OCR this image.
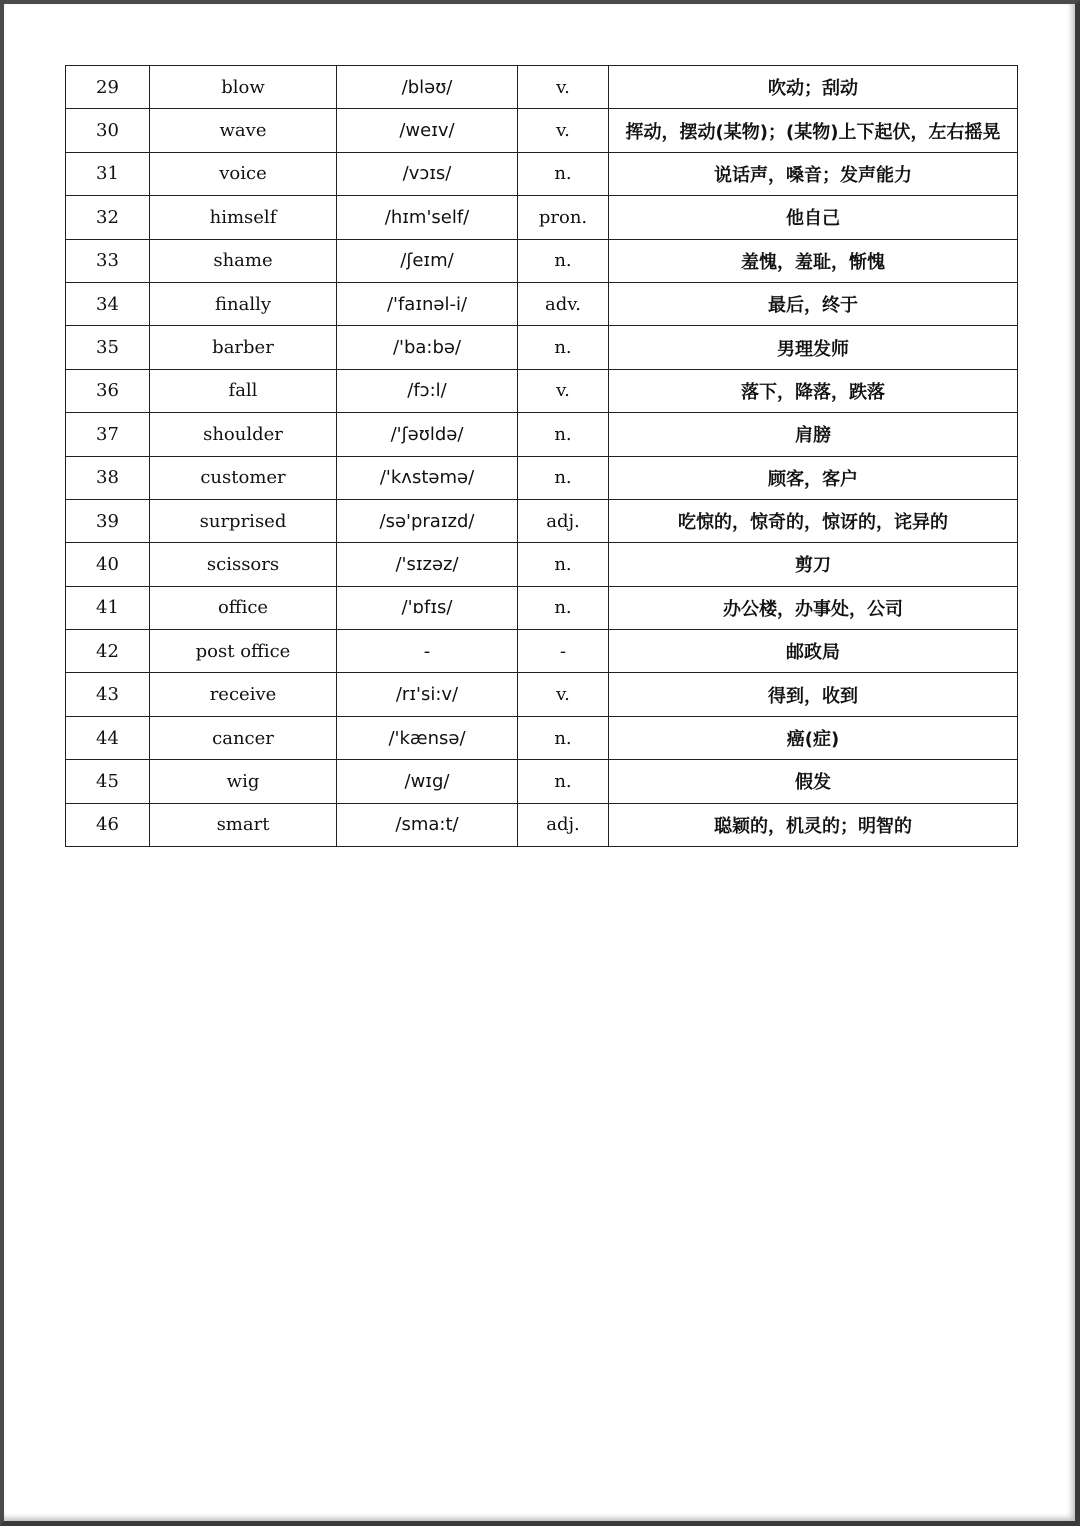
29	blow	/bləʊ/	v.	吹动；刮动
30	wave	/weɪv/	v.	挥动，摆动(某物)；(某物)上下起伏，左右摇晃
31	voice	/vɔɪs/	n.	说话声，嗓音；发声能力
32	himself	/hɪm'self/	pron.	他自己
33	shame	/ʃeɪm/	n.	羞愧，羞耻，惭愧
34	finally	/'faɪnəl-i/	adv.	最后，终于
35	barber	/'ba:bə/	n.	男理发师
36	fall	/fɔ:l/	v.	落下，降落，跌落
37	shoulder	/'ʃəʊldə/	n.	肩膀
38	customer	/'kʌstəmə/	n.	顾客，客户
39	surprised	/sə'praɪzd/	adj.	吃惊的，惊奇的，惊讶的，诧异的
40	scissors	/'sɪzəz/	n.	剪刀
41	office	/'ɒfɪs/	n.	办公楼，办事处，公司
42	post office	-	-	邮政局
43	receive	/rɪ'si:v/	v.	得到，收到
44	cancer	/'kænsə/	n.	癌(症)
45	wig	/wɪg/	n.	假发
46	smart	/sma:t/	adj.	聪颖的，机灵的；明智的
